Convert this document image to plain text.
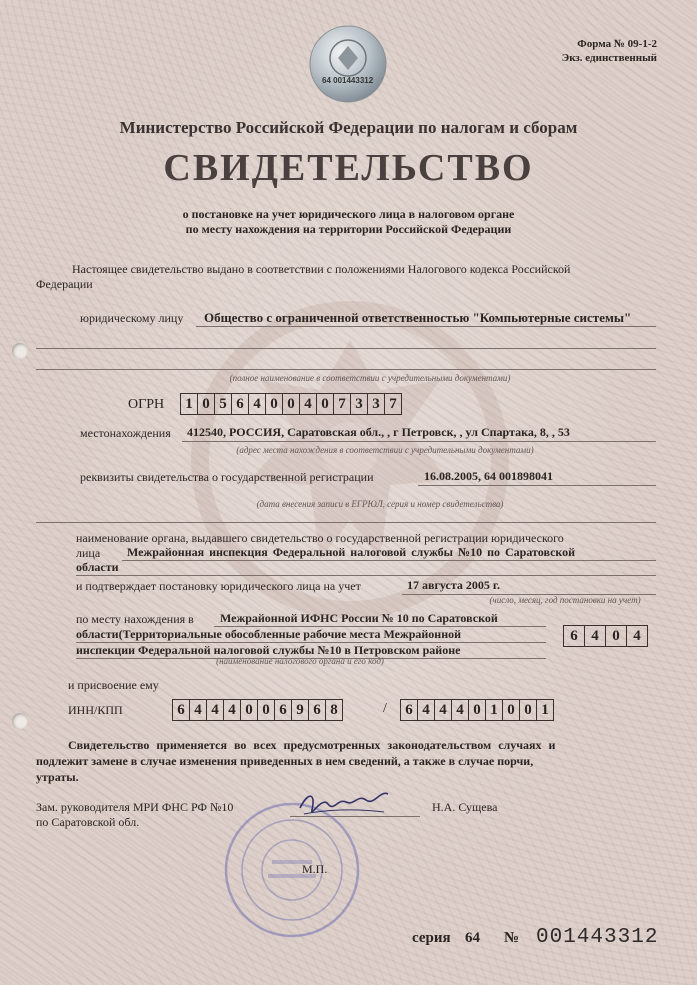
64 001443312
Форма № 09-1-2
Экз. единственный
Министерство Российской Федерации по налогам и сборам
СВИДЕТЕЛЬСТВО
о постановке на учет юридического лица в налоговом органе
по месту нахождения на территории Российской Федерации
Настоящее свидетельство выдано в соответствии с положениями Налогового кодекса Российской
Федерации
юридическому лицу Общество с ограниченной ответственностью "Компьютерные системы"
(полное наименование в соответствии с учредительными документами)
ОГРН 1 0 5 6 4 0 0 4 0 7 3 3 7
местонахождения 412540, РОССИЯ, Саратовская обл., , г Петровск, , ул Спартака, 8, , 53
(адрес места нахождения в соответствии с учредительными документами)
реквизиты свидетельства о государственной регистрации	16.08.2005, 64 001898041
(дата внесения записи в ЕГРЮЛ, серия и номер свидетельства)
наименование органа, выдавшего свидетельство о государственной регистрации юридического
лица Межрайонная инспекция Федеральной налоговой службы №10 по Саратовской
области
и подтверждает постановку юридического лица на учет	17 августа 2005 г.
(число, месяц, год постановки на учет)
по месту нахождения в Межрайонной ИФНС России № 10 по Саратовской
области(Территориальные обособленные рабочие места Межрайонной
инспекции Федеральной налоговой службы №10 в Петровском районе
(наименование налогового органа и его код)
6 4 0 4
и присвоение ему
ИНН/КПП	6 4 4 4 0 0 6 9 6 8	/ 6 4 4 4 0 1 0 0 1
Свидетельство применяется во всех предусмотренных законодательством случаях и
подлежит замене в случае изменения приведенных в нем сведений, а также в случае порчи,
утраты.
Зам. руководителя МРИ ФНС РФ №10
по Саратовской обл.
Н.А. Сущева
М.П.
серия 64 № 001443312
